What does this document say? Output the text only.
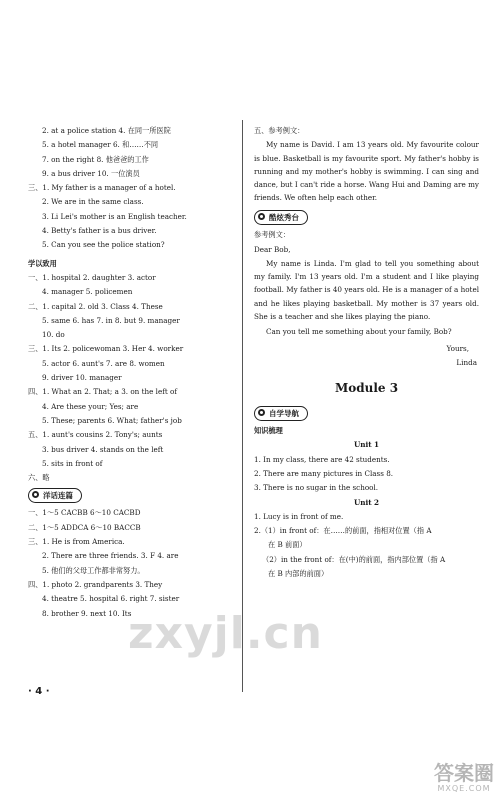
2. at a police station 4. 在同一所医院
5. a hotel manager 6. 和……不同
7. on the right 8. 他爸爸的工作
9. a bus driver 10. 一位演员
三、1. My father is a manager of a hotel.
2. We are in the same class.
3. Li Lei's mother is an English teacher.
4. Betty's father is a bus driver.
5. Can you see the police station?
学以致用
一、1. hospital 2. daughter 3. actor
4. manager 5. policemen
二、1. capital 2. old 3. Class 4. These
5. same 6. has 7. in 8. but 9. manager
10. do
三、1. Its 2. policewoman 3. Her 4. worker
5. actor 6. aunt's 7. are 8. women
9. driver 10. manager
四、1. What an 2. That; a 3. on the left of
4. Are these your; Yes; are
5. These; parents 6. What; father's job
五、1. aunt's cousins 2. Tony's; aunts
3. bus driver 4. stands on the left
5. sits in front of
六、略
洋话连篇
一、1～5 CACBB 6～10 CACBD
二、1～5 ADDCA 6～10 BACCB
三、1. He is from America.
2. There are three friends. 3. F 4. are
5. 他们的父母工作都非常努力。
四、1. photo 2. grandparents 3. They
4. theatre 5. hospital 6. right 7. sister
8. brother 9. next 10. Its
五、参考例文：

My name is David. I am 13 years old. My favourite colour is blue. Basketball is my favourite sport. My father's hobby is running and my mother's hobby is swimming. I can sing and dance, but I can't ride a horse. Wang Hui and Daming are my friends. We often help each other.

酷炫秀台
参考例文：
Dear Bob,

My name is Linda. I'm glad to tell you something about my family. I'm 13 years old. I'm a student and I like playing football. My father is 40 years old. He is a manager of a hotel and he likes playing basketball. My mother is 37 years old. She is a teacher and she likes playing the piano.

Can you tell me something about your family, Bob?

Yours,
Linda
Module 3
自学导航
知识梳理
Unit 1
1. In my class, there are 42 students.
2. There are many pictures in Class 8.
3. There is no sugar in the school.
Unit 2
1. Lucy is in front of me.
2.（1）in front of：在……的前面，指相对位置（指 A
在 B 前面）
（2）in the front of：在(中)的前面，指内部位置（指 A
在 B 内部的前面）
· 4 ·
zxyjl.cn
答案圈
MXQE.COM
